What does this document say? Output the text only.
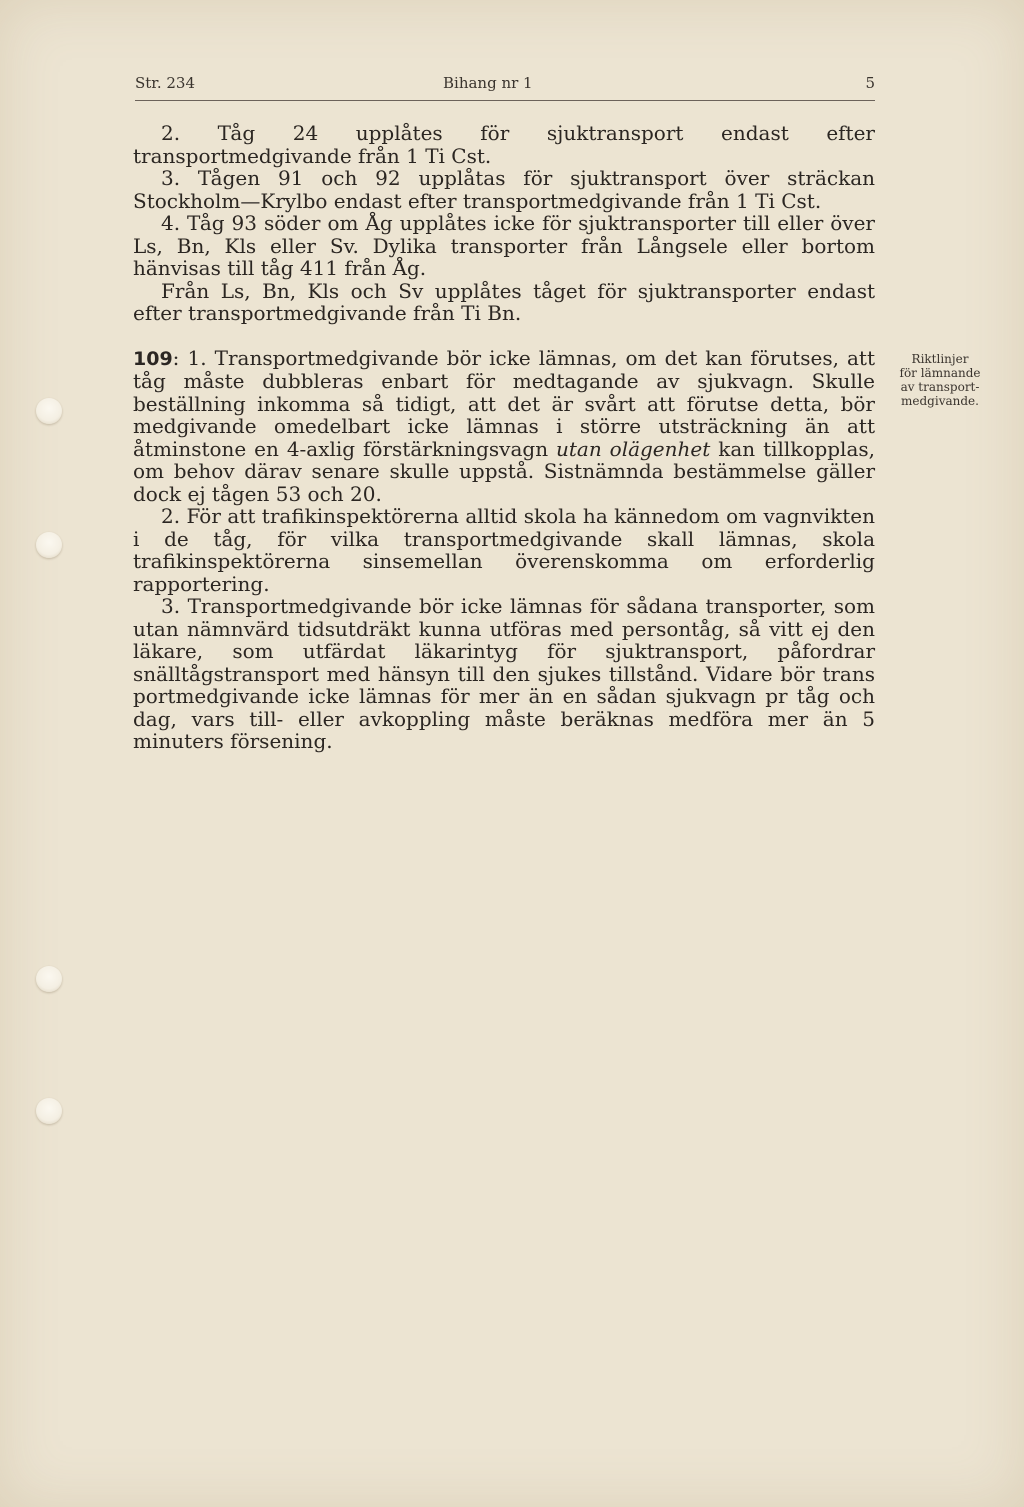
Str. 234	Bihang nr 1	5

2. Tåg 24 upplåtes för sjuktransport endast efter transportmedgivande från 1 Ti Cst.

3. Tågen 91 och 92 upplåtas för sjuktransport över sträckan Stockholm—Krylbo endast efter transportmedgivande från 1 Ti Cst.

4. Tåg 93 söder om Åg upplåtes icke för sjuktransporter till eller över Ls, Bn, Kls eller Sv. Dylika transporter från Långsele eller bortom hänvisas till tåg 411 från Åg.

Från Ls, Bn, Kls och Sv upplåtes tåget för sjuktransporter endast efter transportmedgivande från Ti Bn.

109: 1. Transportmedgivande bör icke lämnas, om det kan förutses, att tåg måste dubbleras enbart för medtagande av sjukvagn. Skulle beställning inkomma så tidigt, att det är svårt att förutse detta, bör medgivande omedelbart icke lämnas i större utsträckning än att åtminstone en 4-axlig förstärkningsvagn utan olägenhet kan tillkopplas, om behov därav senare skulle uppstå. Sistnämnda bestämmelse gäller dock ej tågen 53 och 20.

2. För att trafikinspektörerna alltid skola ha kännedom om vagnvikten i de tåg, för vilka transportmedgivande skall lämnas, skola trafikinspektörerna sinsemellan överenskomma om erforderlig rapportering.

3. Transportmedgivande bör icke lämnas för sådana transporter, som utan nämnvärd tidsutdräkt kunna utföras med persontåg, så vitt ej den läkare, som utfärdat läkarintyg för sjuktransport, påfordrar snälltågstransport med hänsyn till den sjukes tillstånd. Vidare bör trans portmedgivande icke lämnas för mer än en sådan sjukvagn pr tåg och dag, vars till- eller avkoppling måste beräknas medföra mer än 5 minuters försening.

Riktlinjer
för lämnande
av transport-
medgivande.
